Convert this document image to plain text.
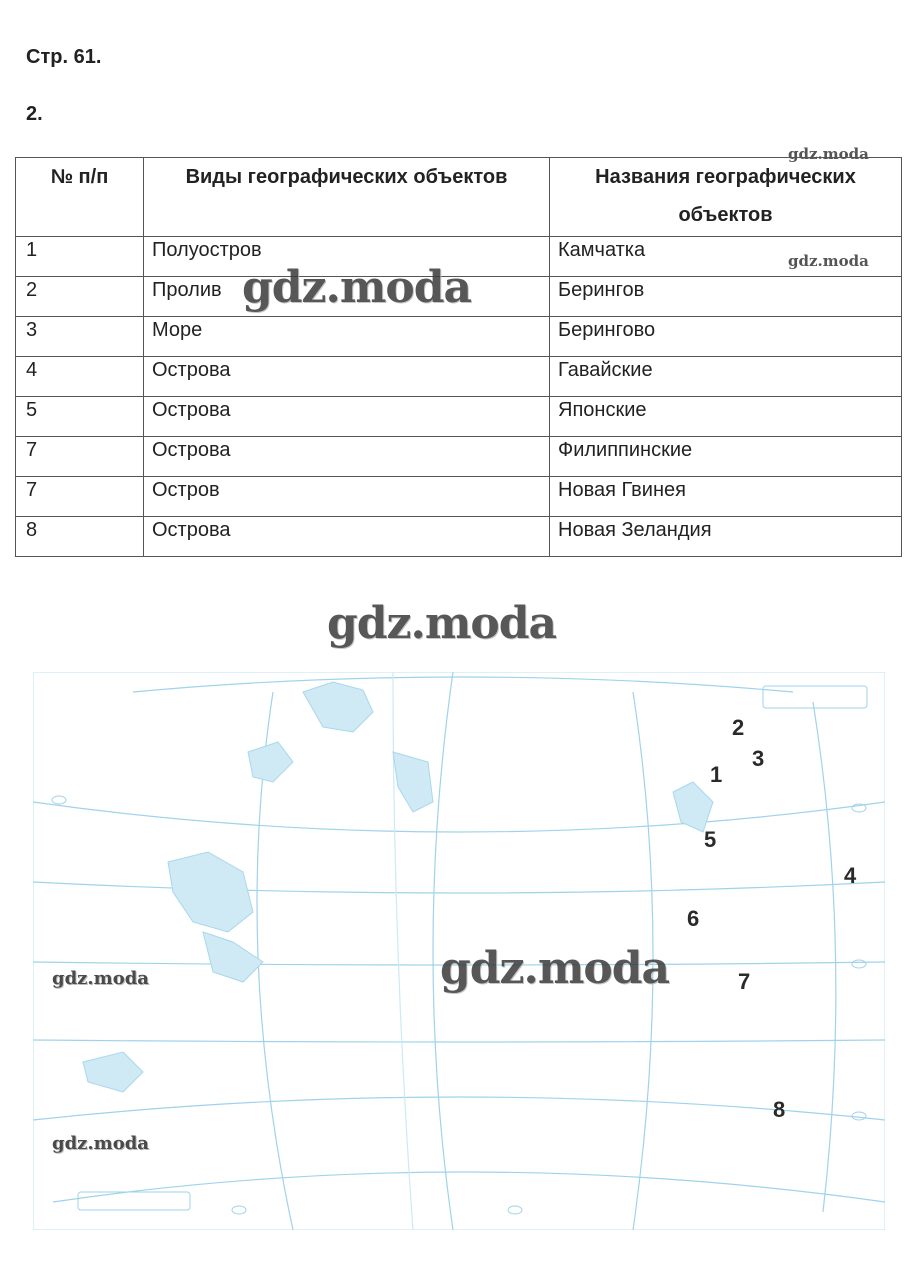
Стр. 61.
2.
№ п/п	Виды географических объектов	Названия географических объектов
1	Полуостров	Камчатка
2	Пролив	Берингов
3	Море	Берингово
4	Острова	Гавайские
5	Острова	Японские
7	Острова	Филиппинские
7	Остров	Новая Гвинея
8	Острова	Новая Зеландия
1
2
3
4
5
6
7
8
gdz.moda
gdz.moda
gdz.moda
gdz.moda
gdz.moda
gdz.moda
gdz.moda
